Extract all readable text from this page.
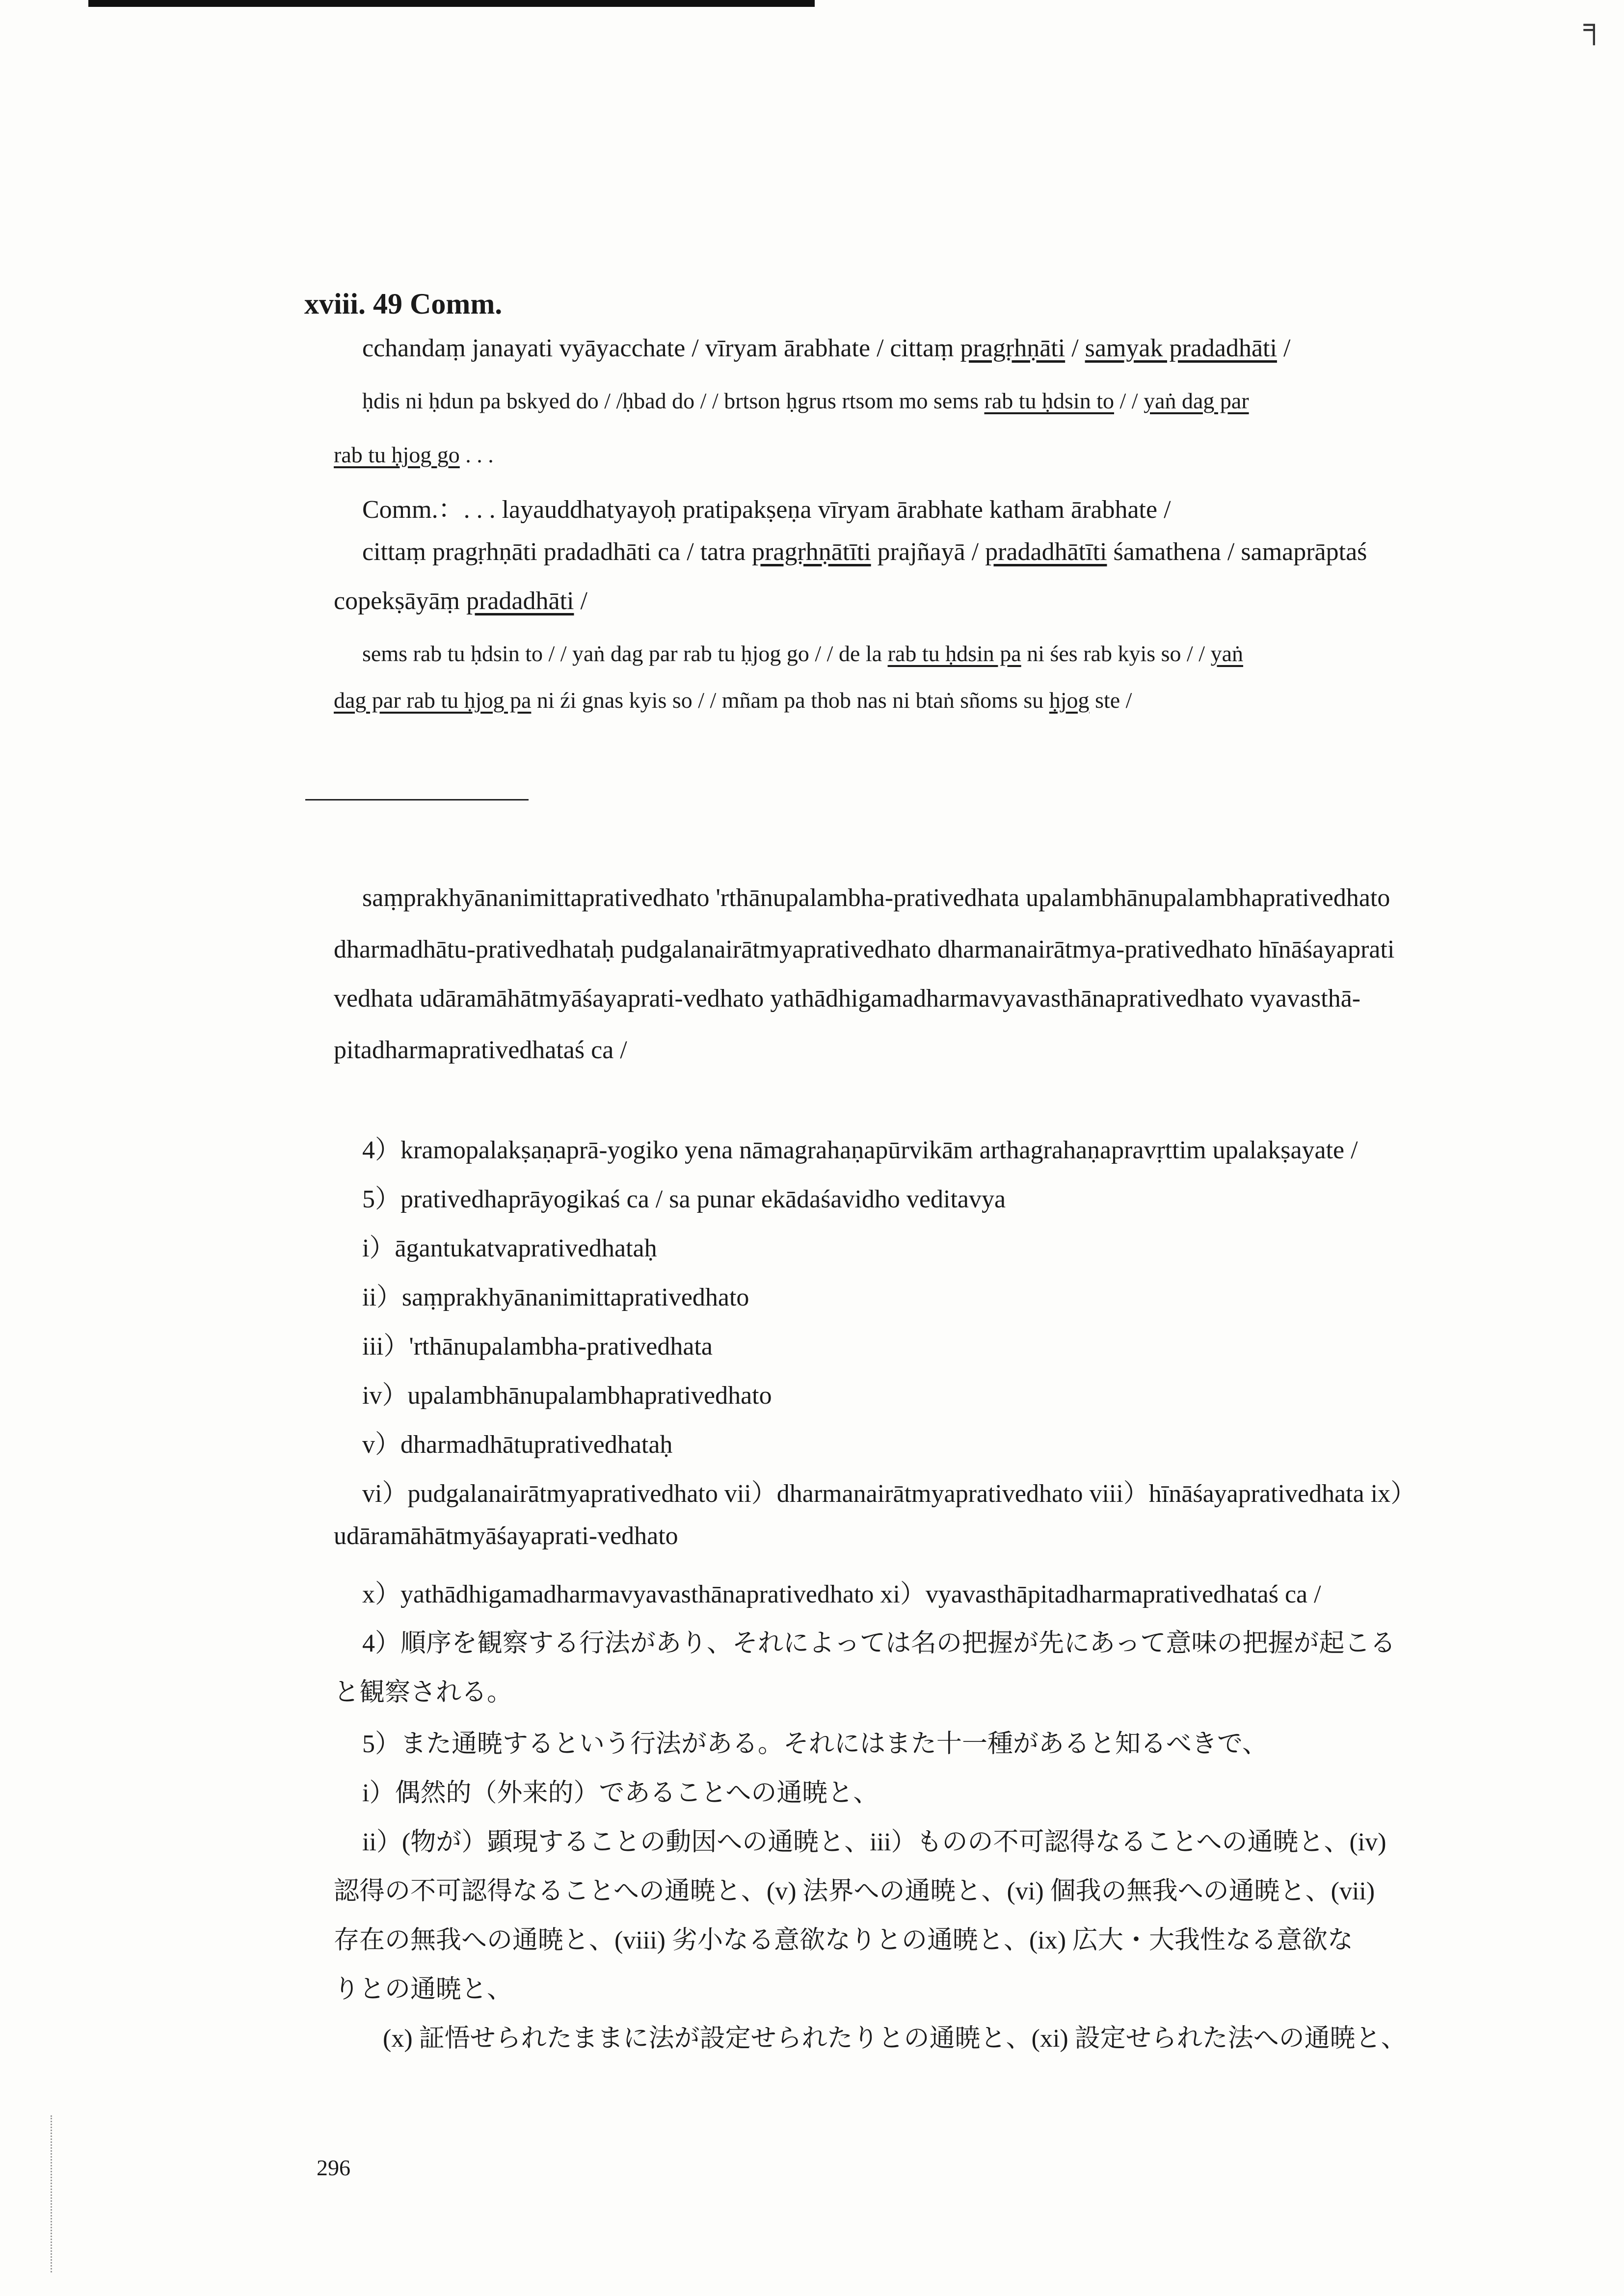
╕
xviii. 49 Comm.
cchandaṃ janayati vyāyacchate / vīryam ārabhate / cittaṃ pragṛhṇāti / samyak pradadhāti /
ḥdis ni ḥdun pa bskyed do / /ḥbad do / / brtson ḥgrus rtsom mo sems rab tu ḥdsin to / / yaṅ dag par
rab tu ḥjog go . . .
Comm.：. . . layauddhatyayoḥ pratipakṣeṇa vīryam ārabhate katham ārabhate /
cittaṃ pragṛhṇāti pradadhāti ca / tatra pragṛhṇātīti prajñayā / pradadhātīti śamathena / samaprāptaś
copekṣāyāṃ pradadhāti /
sems rab tu ḥdsin to / / yaṅ dag par rab tu ḥjog go / / de la rab tu ḥdsin pa ni śes rab kyis so / / yaṅ
dag par rab tu ḥjog pa ni źi gnas kyis so / / mñam pa thob nas ni btaṅ sñoms su ḥjog ste /
saṃprakhyānanimittaprativedhato 'rthānupalambha-prativedhata upalambhānupalambhaprativedhato
dharmadhātu-prativedhataḥ pudgalanairātmyaprativedhato dharmanairātmya-prativedhato hīnāśayaprati
vedhata udāramāhātmyāśayaprati-vedhato yathādhigamadharmavyavasthānaprativedhato vyavasthā-
pitadharmaprativedhataś ca /
4）kramopalakṣaṇaprā-yogiko yena nāmagrahaṇapūrvikām arthagrahaṇapravṛttim upalakṣayate /
5）prativedhaprāyogikaś ca / sa punar ekādaśavidho veditavya
i）āgantukatvaprativedhataḥ
ii）saṃprakhyānanimittaprativedhato
iii）'rthānupalambha-prativedhata
iv）upalambhānupalambhaprativedhato
v）dharmadhātuprativedhataḥ
vi）pudgalanairātmyaprativedhato vii）dharmanairātmyaprativedhato viii）hīnāśayaprativedhata ix）
udāramāhātmyāśayaprati-vedhato
x）yathādhigamadharmavyavasthānaprativedhato xi）vyavasthāpitadharmaprativedhataś ca /
4）順序を観察する行法があり、それによっては名の把握が先にあって意味の把握が起こる
と観察される。
5）また通暁するという行法がある。それにはまた十一種があると知るべきで、
i）偶然的（外来的）であることへの通暁と、
ii）(物が）顕現することの動因への通暁と、iii）ものの不可認得なることへの通暁と、(iv)
認得の不可認得なることへの通暁と、(v) 法界への通暁と、(vi) 個我の無我への通暁と、(vii)
存在の無我への通暁と、(viii) 劣小なる意欲なりとの通暁と、(ix) 広大・大我性なる意欲な
りとの通暁と、
(x) 証悟せられたままに法が設定せられたりとの通暁と、(xi) 設定せられた法への通暁と、
296
